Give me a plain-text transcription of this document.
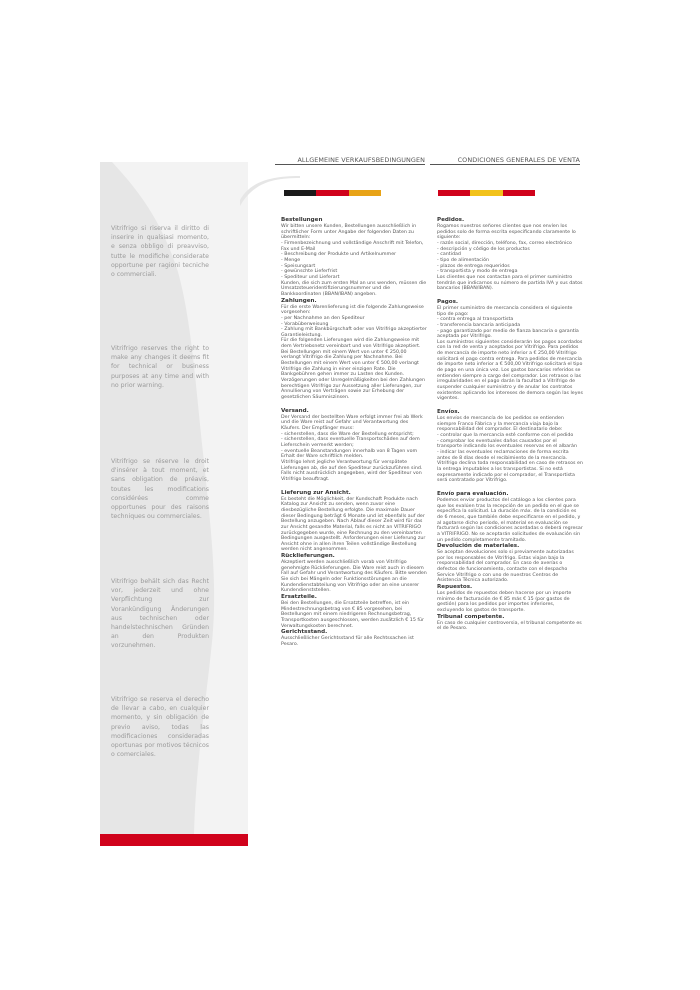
Vitrifrigo si riserva il diritto di inserire in qualsiasi momento, e senza obbligo di preavviso, tutte le modifiche considerate opportune per ragioni tecniche o commerciali.
Vitrifrigo reserves the right to make any changes it deems fit for technical or business purposes at any time and with no prior warning.
Vitrifrigo se réserve le droit d'insérer à tout moment, et sans obligation de préavis, toutes les modifications considérées comme opportunes pour des raisons techniques ou commerciales.
Vitrifrigo behält sich das Recht vor, jederzeit und ohne Verpflichtung zur Vorankündigung Änderungen aus technischen oder handelstechnischen Gründen an den Produkten vorzunehmen.
Vitrifrigo se reserva el derecho de llevar a cabo, en cualquier momento, y sin obligación de previo aviso, todas las modificaciones consideradas oportunas por motivos técnicos o comerciales.
ALLGEMEINE VERKAUFSBEDINGUNGEN	CONDICIONES GENERALES DE VENTA
Bestellungen

Wir bitten unsere Kunden, Bestellungen ausschließlich in schriftlicher Form unter Angabe der folgenden Daten zu übermitteln:

- Firmenbezeichnung und vollständige Anschrift mit Telefon, Fax und E-Mail

- Beschreibung der Produkte und Artikelnummer

- Menge

- Speisungsart

- gewünschte Lieferfrist

- Spediteur und Lieferart

Kunden, die sich zum ersten Mal an uns wenden, müssen die Umsatzsteueridentifizierungsnummer und die Bankkoordinaten (BBAN/IBAN) angeben.

Zahlungen.

Für die erste Warenlieferung ist die folgende Zahlungsweise vorgesehen:

- per Nachnahme an den Spediteur

- Vorabüberweisung

- Zahlung mit Bankbürgschaft oder von Vitrifrigo akzeptierter Garantieleistung.

Für die folgenden Lieferungen wird die Zahlungsweise mit dem Vertriebsnetz vereinbart und von Vitrifrigo akzeptiert. Bei Bestellungen mit einem Wert von unter € 250,00 verlangt Vitrifrigo die Zahlung per Nachnahme. Bei Bestellungen mit einem Wert von unter € 500,00 verlangt Vitrifrigo die Zahlung in einer einzigen Rate. Die Bankgebühren gehen immer zu Lasten des Kunden. Verzögerungen oder Unregelmäßigkeiten bei den Zahlungen berechtigen Vitrifrigo zur Aussetzung aller Lieferungen, zur Annullierung von Verträgen sowie zur Erhebung der gesetzlichen Säumniszinsen.

Versand.

Der Versand der bestellten Ware erfolgt immer frei ab Werk und die Ware reist auf Gefahr und Verantwortung des Käufers. Der Empfänger muss:

- sicherstellen, dass die Ware der Bestellung entspricht;

- sicherstellen, dass eventuelle Transportschäden auf dem Lieferschein vermerkt werden;

- eventuelle Beanstandungen innerhalb von 8 Tagen vom Erhalt der Ware schriftlich melden.

Vitrifrigo lehnt jegliche Verantwortung für verspätete Lieferungen ab, die auf den Spediteur zurückzuführen sind. Falls nicht ausdrücklich angegeben, wird der Spediteur von Vitrifrigo beauftragt.

Lieferung zur Ansicht.

Es besteht die Möglichkeit, der Kundschaft Produkte nach Katalog zur Ansicht zu senden, wenn zuvor eine diesbezügliche Bestellung erfolgte. Die maximale Dauer dieser Bedingung beträgt 6 Monate und ist ebenfalls auf der Bestellung anzugeben. Nach Ablauf dieser Zeit wird für das zur Ansicht gesandte Material, falls es nicht an VITRIFRIGO zurückgegeben wurde, eine Rechnung zu den vereinbarten Bedingungen ausgestellt. Anforderungen einer Lieferung zur Ansicht ohne in allen ihren Teilen vollständige Bestellung werden nicht angenommen.

Rücklieferungen.

Akzeptiert werden ausschließlich vorab von Vitrifrigo genehmigte Rücklieferungen. Die Ware reist auch in diesem Fall auf Gefahr und Verantwortung des Käufers. Bitte wenden Sie sich bei Mängeln oder Funktionsstörungen an die Kundendienstabteilung von Vitrifrigo oder an eine unserer Kundendienststellen.

Ersatzteile.

Bei den Bestellungen, die Ersatzteile betreffen, ist ein Mindestrechnungsbetrag von € 85 vorgesehen, bei Bestellungen mit einem niedrigeren Rechnungsbetrag, Transportkosten ausgeschlossen, werden zusätzlich € 15 für Verwaltungskosten berechnet.

Gerichtsstand.

Ausschließlicher Gerichtsstand für alle Rechtssachen ist Pesaro.

Pedidos.

Rogamos nuestros señores clientes que nos envíen los pedidos solo de forma escrita especificando claramente lo siguiente:

- razón social, dirección, teléfono, fax, correo electrónico

- descripción y código de los productos

- cantidad

- tipo de alimentación

- plazos de entrega requeridos

- transportista y modo de entrega

Los clientes que nos contactan para el primer suministro tendrán que indicarnos su número de partida IVA y sus datos bancarios (BBAN/IBAN).

Pagos.

El primer suministro de mercancía considera el siguiente tipo de pago:

- contra entrega al transportista

- transferencia bancaria anticipada

- pago garantizado por medio de fianza bancaria o garantía aceptada por Vitrifrigo.

Los suministros siguientes considerarán los pagos acordados con la red de venta y aceptados por Vitrifrigo. Para pedidos de mercancía de importe neto inferior a € 250,00 Vitrifrigo solicitará el pago contra entrega. Para pedidos de mercancía de importe neto inferior a € 500,00 Vitrifrigo solicitará el tipo de pago en una única vez. Los gastos bancarios referidos se entienden siempre a cargo del comprador. Los retrasos o las irregularidades en el pago darán la facultad a Vitrifrigo de suspender cualquier suministro y de anular los contratos existentes aplicando los intereses de demora según las leyes vigentes.

Envíos.

Los envíos de mercancía de los pedidos se entienden siempre Franco Fábrica y la mercancía viaja bajo la responsabilidad del comprador. El destinatario debe:

- controlar que la mercancía esté conforme con el pedido

- comprobar los eventuales daños causados por el transporte indicando los eventuales reservas en el albarán

- indicar las eventuales reclamaciones de forma escrita antes de 8 días desde el recibimiento de la mercancía.

Vitrifrigo declina toda responsabilidad en caso de retrasos en la entrega imputables a los transportistas. Si no está expresamente indicado por el comprador, el Transportista será contratado por Vitrifrigo.

Envío para evaluación.

Podemos enviar productos del catálogo a los clientes para que los evalúen tras la recepción de un pedido en el que se especifica la solicitud. La duración máx. de la condición es de 6 meses, que también debe especificarse en el pedido, y al agotarse dicho periodo, el material en evaluación se facturará según las condiciones acordadas o deberá regresar a VITRIFRIGO. No se aceptarán solicitudes de evaluación sin un pedido completamente tramitado.

Devolución de materiales.

Se aceptan devoluciones solo si previamente autorizadas por los responsables de Vitrifrigo. Estas viajan bajo la responsabilidad del comprador. En caso de averías o defectos de funcionamiento, contacte con el despacho Service Vitrifrigo o con uno de nuestros Centros de Asistencia Técnica autorizado.

Repuestos.

Los pedidos de repuestos deben hacerse por un importe mínimo de facturación de € 85 más € 15 (por gastos de gestión) para los pedidos por importes inferiores, excluyendo los gastos de transporte.

Tribunal competente.

En caso de cualquier controversia, el tribunal competente es el de Pesaro.
